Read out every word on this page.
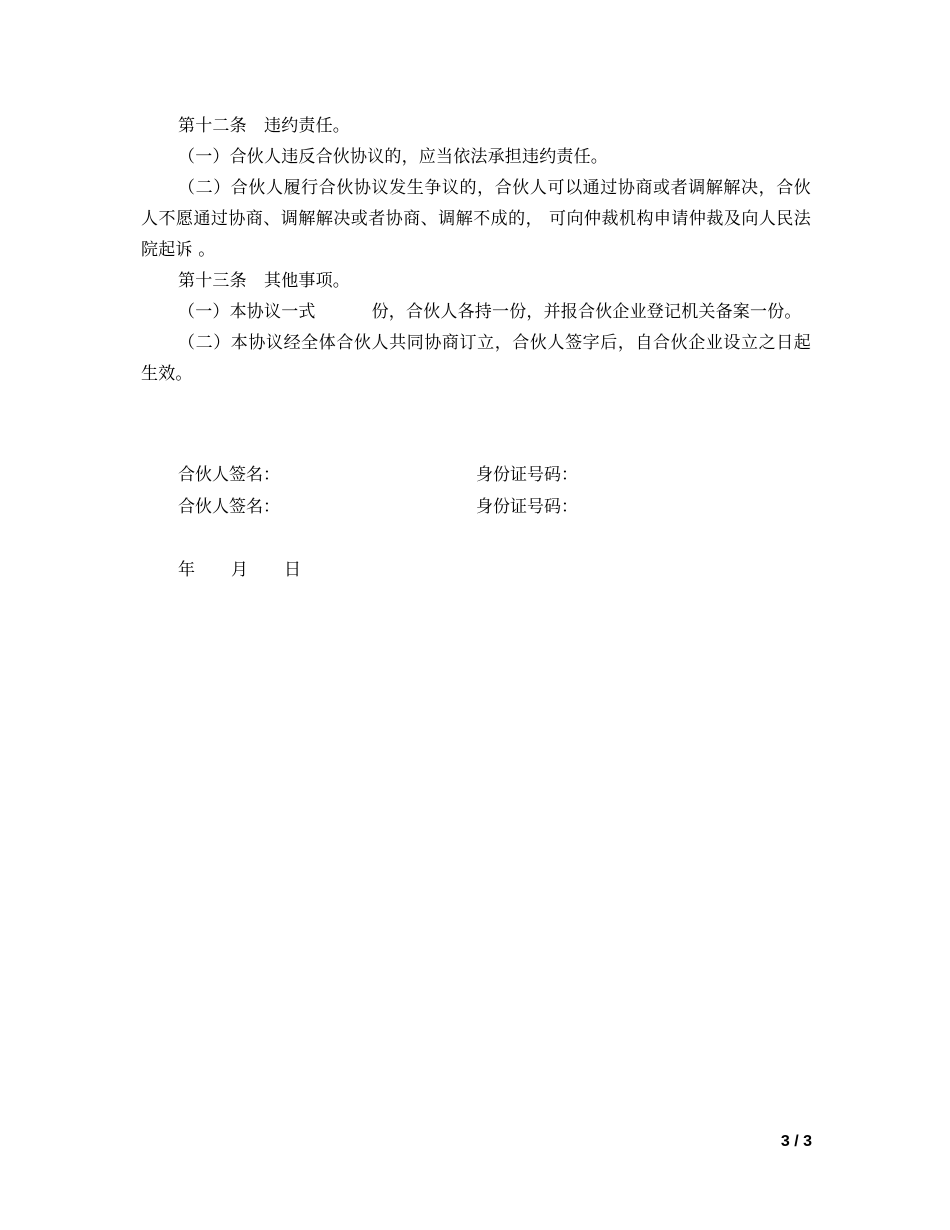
第十二条　违约责任。

（一）合伙人违反合伙协议的，应当依法承担违约责任。

（二）合伙人履行合伙协议发生争议的，合伙人可以通过协商或者调解解决，合伙人不愿通过协商、调解解决或者协商、调解不成的， 可向仲裁机构申请仲裁及向人民法院起诉 。

第十三条　其他事项。

（一）本协议一式	份，合伙人各持一份，并报合伙企业登记机关备案一份。

（二）本协议经全体合伙人共同协商订立，合伙人签字后，自合伙企业设立之日起生效。

合伙人签名：	身份证号码：
合伙人签名：	身份证号码：
年 月 日
3 / 3
